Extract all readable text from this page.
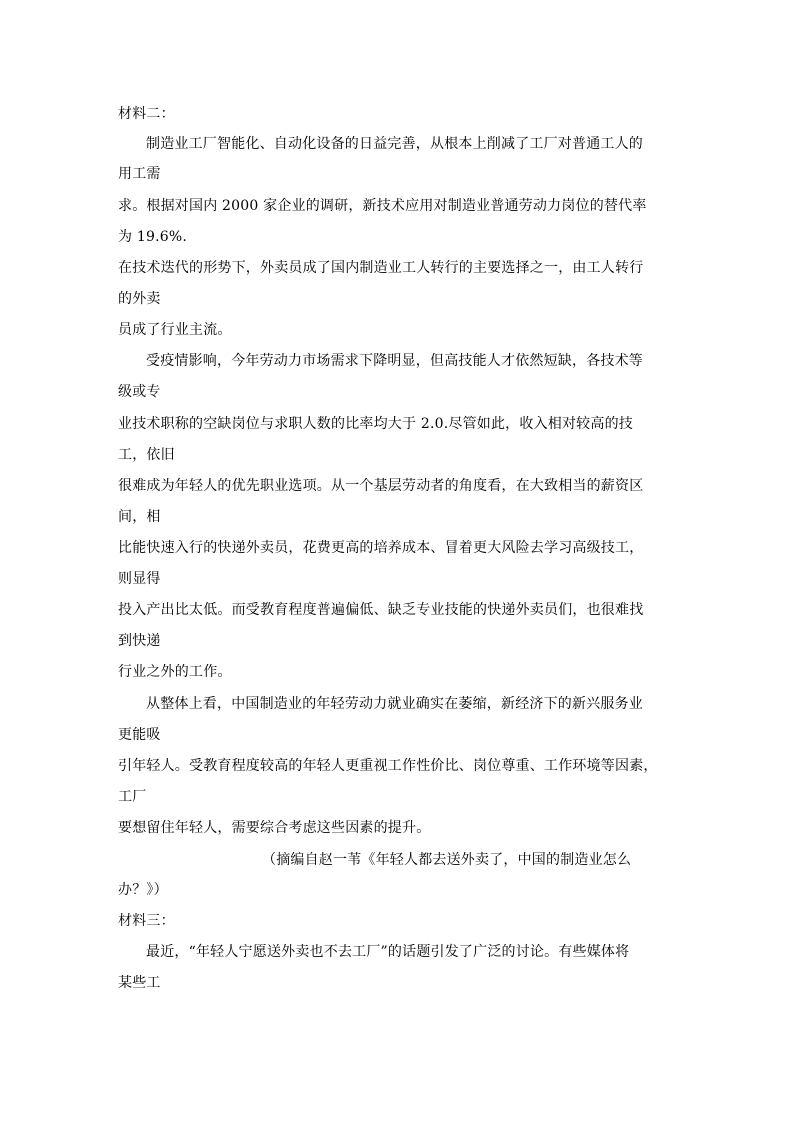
材料二：
制造业工厂智能化、自动化设备的日益完善，从根本上削减了工厂对普通工人的
用工需
求。根据对国内 2000 家企业的调研，新技术应用对制造业普通劳动力岗位的替代率
为 19.6%.
在技术迭代的形势下，外卖员成了国内制造业工人转行的主要选择之一，由工人转行
的外卖
员成了行业主流。
受疫情影响，今年劳动力市场需求下降明显，但高技能人才依然短缺，各技术等
级或专
业技术职称的空缺岗位与求职人数的比率均大于 2.0.尽管如此，收入相对较高的技
工，依旧
很难成为年轻人的优先职业选项。从一个基层劳动者的角度看，在大致相当的薪资区
间，相
比能快速入行的快递外卖员，花费更高的培养成本、冒着更大风险去学习高级技工，
则显得
投入产出比太低。而受教育程度普遍偏低、缺乏专业技能的快递外卖员们，也很难找
到快递
行业之外的工作。
从整体上看，中国制造业的年轻劳动力就业确实在萎缩，新经济下的新兴服务业
更能吸
引年轻人。受教育程度较高的年轻人更重视工作性价比、岗位尊重、工作环境等因素，
工厂
要想留住年轻人，需要综合考虑这些因素的提升。
（摘编自赵一苇《年轻人都去送外卖了，中国的制造业怎么
办？》）
材料三：
最近，“年轻人宁愿送外卖也不去工厂”的话题引发了广泛的讨论。有些媒体将
某些工
